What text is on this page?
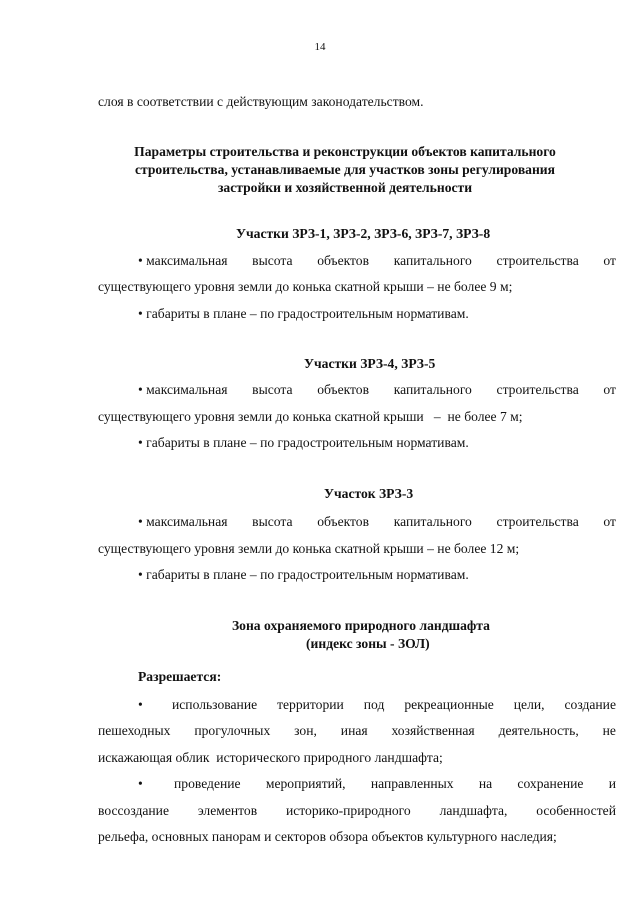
14
слоя в соответствии с действующим законодательством.
Параметры строительства и реконструкции объектов капитального
строительства, устанавливаемые для участков зоны регулирования
застройки и хозяйственной деятельности
Участки ЗРЗ-1, ЗРЗ-2, ЗРЗ-6, ЗРЗ-7, ЗРЗ-8
• максимальная высота объектов капитального строительства от
существующего уровня земли до конька скатной крыши – не более 9 м;
• габариты в плане – по градостроительным нормативам.
Участки ЗРЗ-4, ЗРЗ-5
• максимальная высота объектов капитального строительства от
существующего уровня земли до конька скатной крыши   –  не более 7 м;
• габариты в плане – по градостроительным нормативам.
Участок ЗРЗ-3
• максимальная высота объектов капитального строительства от
существующего уровня земли до конька скатной крыши – не более 12 м;
• габариты в плане – по градостроительным нормативам.
Зона охраняемого природного ландшафта
(индекс зоны - ЗОЛ)
Разрешается:
• использование территории под рекреационные цели, создание
пешеходных прогулочных зон, иная хозяйственная деятельность, не
искажающая облик  исторического природного ландшафта;
• проведение мероприятий, направленных на сохранение и
воссоздание элементов историко-природного ландшафта, особенностей
рельефа, основных панорам и секторов обзора объектов культурного наследия;
